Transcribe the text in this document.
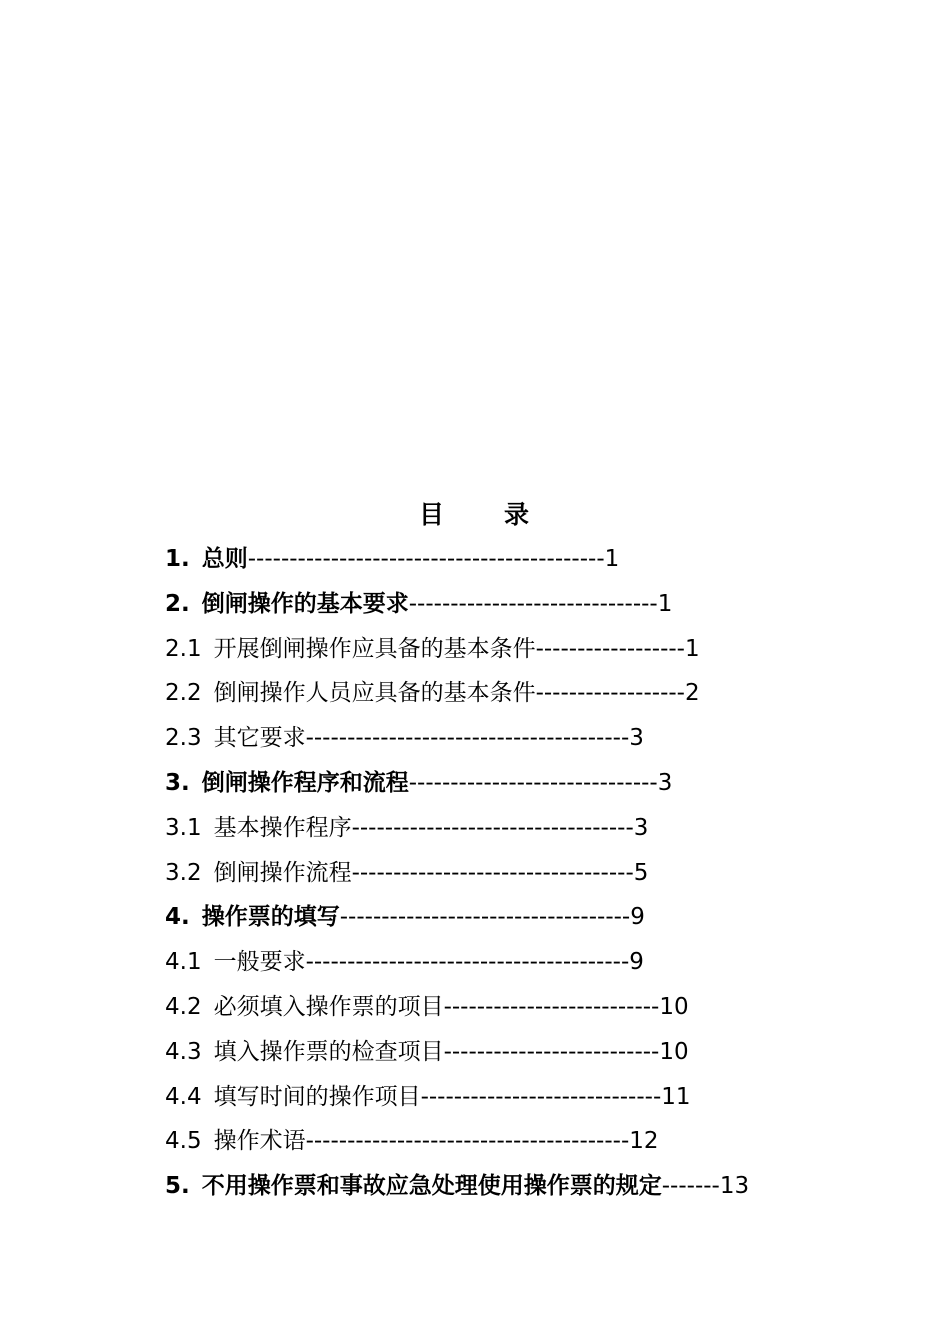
目 录
1. 总则-------------------------------------------1
2. 倒闸操作的基本要求------------------------------1
2.1 开展倒闸操作应具备的基本条件------------------1
2.2 倒闸操作人员应具备的基本条件------------------2
2.3 其它要求---------------------------------------3
3. 倒闸操作程序和流程------------------------------3
3.1 基本操作程序----------------------------------3
3.2 倒闸操作流程----------------------------------5
4. 操作票的填写-----------------------------------9
4.1 一般要求---------------------------------------9
4.2 必须填入操作票的项目--------------------------10
4.3 填入操作票的检查项目--------------------------10
4.4 填写时间的操作项目-----------------------------11
4.5 操作术语---------------------------------------12
5. 不用操作票和事故应急处理使用操作票的规定-------13
